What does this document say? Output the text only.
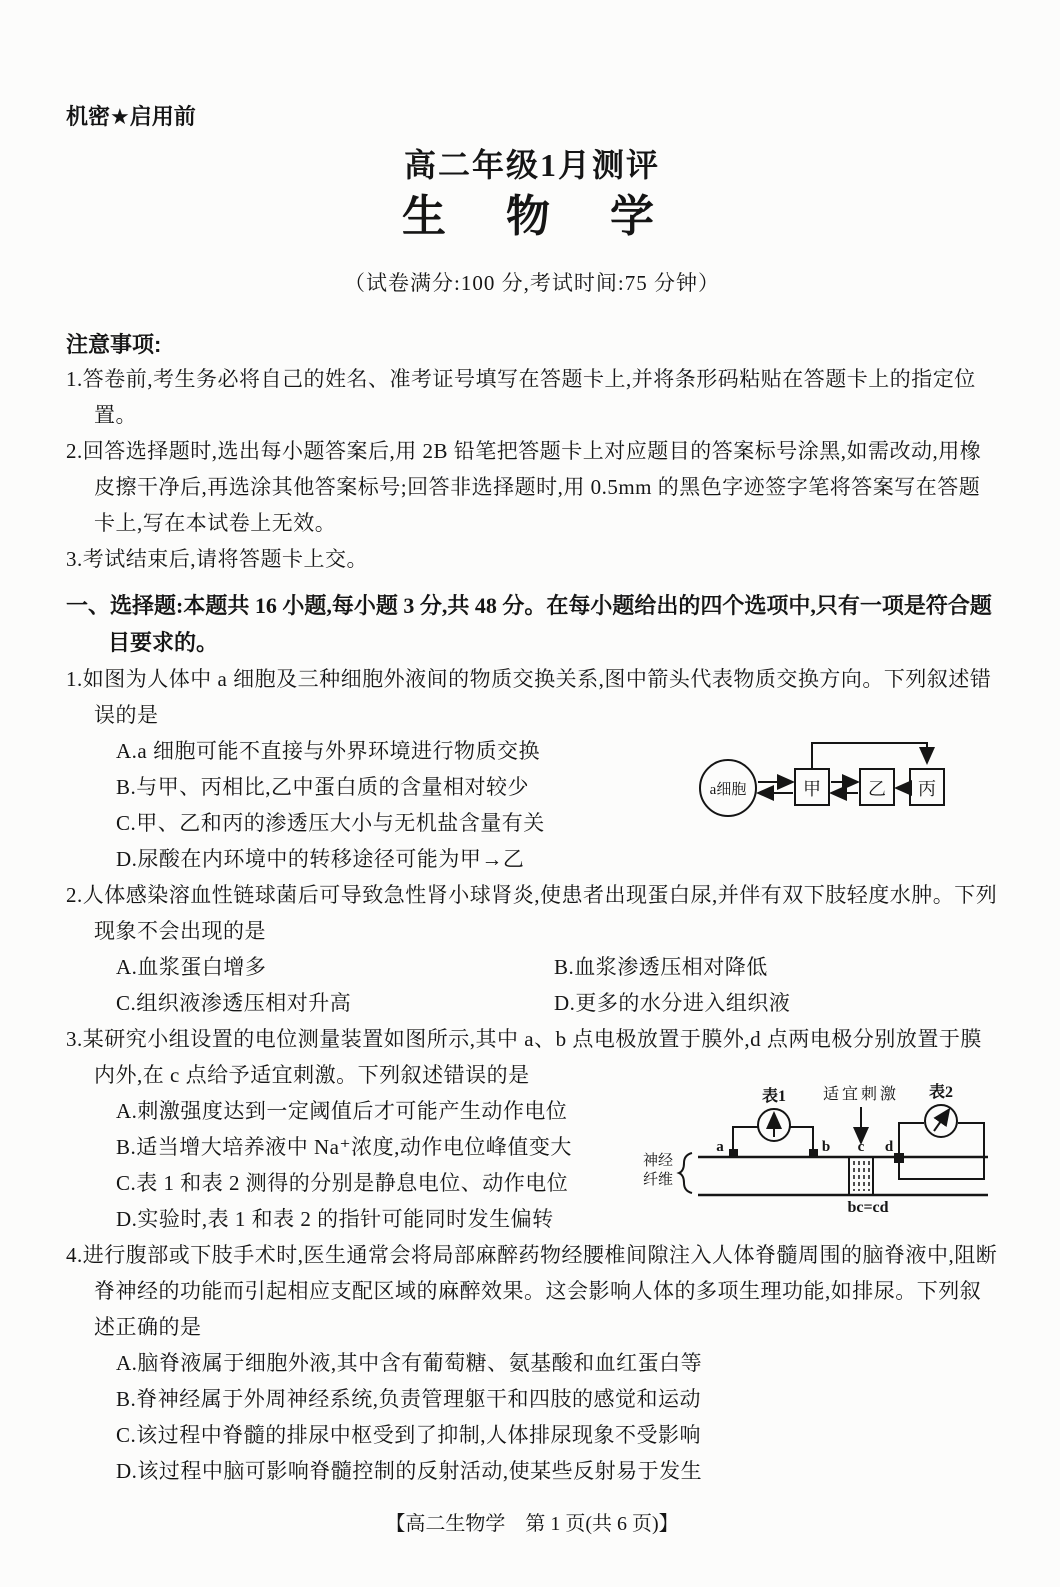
机密★启用前
高二年级1月测评
生　物　学
（试卷满分:100 分,考试时间:75 分钟）
注意事项:
1.答卷前,考生务必将自己的姓名、准考证号填写在答题卡上,并将条形码粘贴在答题卡上的指定位置。
2.回答选择题时,选出每小题答案后,用 2B 铅笔把答题卡上对应题目的答案标号涂黑,如需改动,用橡皮擦干净后,再选涂其他答案标号;回答非选择题时,用 0.5mm 的黑色字迹签字笔将答案写在答题卡上,写在本试卷上无效。
3.考试结束后,请将答题卡上交。
一、选择题:本题共 16 小题,每小题 3 分,共 48 分。在每小题给出的四个选项中,只有一项是符合题目要求的。
1.如图为人体中 a 细胞及三种细胞外液间的物质交换关系,图中箭头代表物质交换方向。下列叙述错误的是
A.a 细胞可能不直接与外界环境进行物质交换
B.与甲、丙相比,乙中蛋白质的含量相对较少
C.甲、乙和丙的渗透压大小与无机盐含量有关
D.尿酸在内环境中的转移途径可能为甲→乙
a细胞	甲	乙 丙
2.人体感染溶血性链球菌后可导致急性肾小球肾炎,使患者出现蛋白尿,并伴有双下肢轻度水肿。下列现象不会出现的是
A.血浆蛋白增多	B.血浆渗透压相对降低
C.组织液渗透压相对升高	D.更多的水分进入组织液
3.某研究小组设置的电位测量装置如图所示,其中 a、b 点电极放置于膜外,d 点两电极分别放置于膜内外,在 c 点给予适宜刺激。下列叙述错误的是
A.刺激强度达到一定阈值后才可能产生动作电位
B.适当增大培养液中 Na⁺浓度,动作电位峰值变大
C.表 1 和表 2 测得的分别是静息电位、动作电位
D.实验时,表 1 和表 2 的指针可能同时发生偏转
神经
纤维
a	b
表1 适宜刺激
c d
表2
bc=cd
4.进行腹部或下肢手术时,医生通常会将局部麻醉药物经腰椎间隙注入人体脊髓周围的脑脊液中,阻断脊神经的功能而引起相应支配区域的麻醉效果。这会影响人体的多项生理功能,如排尿。下列叙述正确的是
A.脑脊液属于细胞外液,其中含有葡萄糖、氨基酸和血红蛋白等
B.脊神经属于外周神经系统,负责管理躯干和四肢的感觉和运动
C.该过程中脊髓的排尿中枢受到了抑制,人体排尿现象不受影响
D.该过程中脑可影响脊髓控制的反射活动,使某些反射易于发生
【高二生物学　第 1 页(共 6 页)】
